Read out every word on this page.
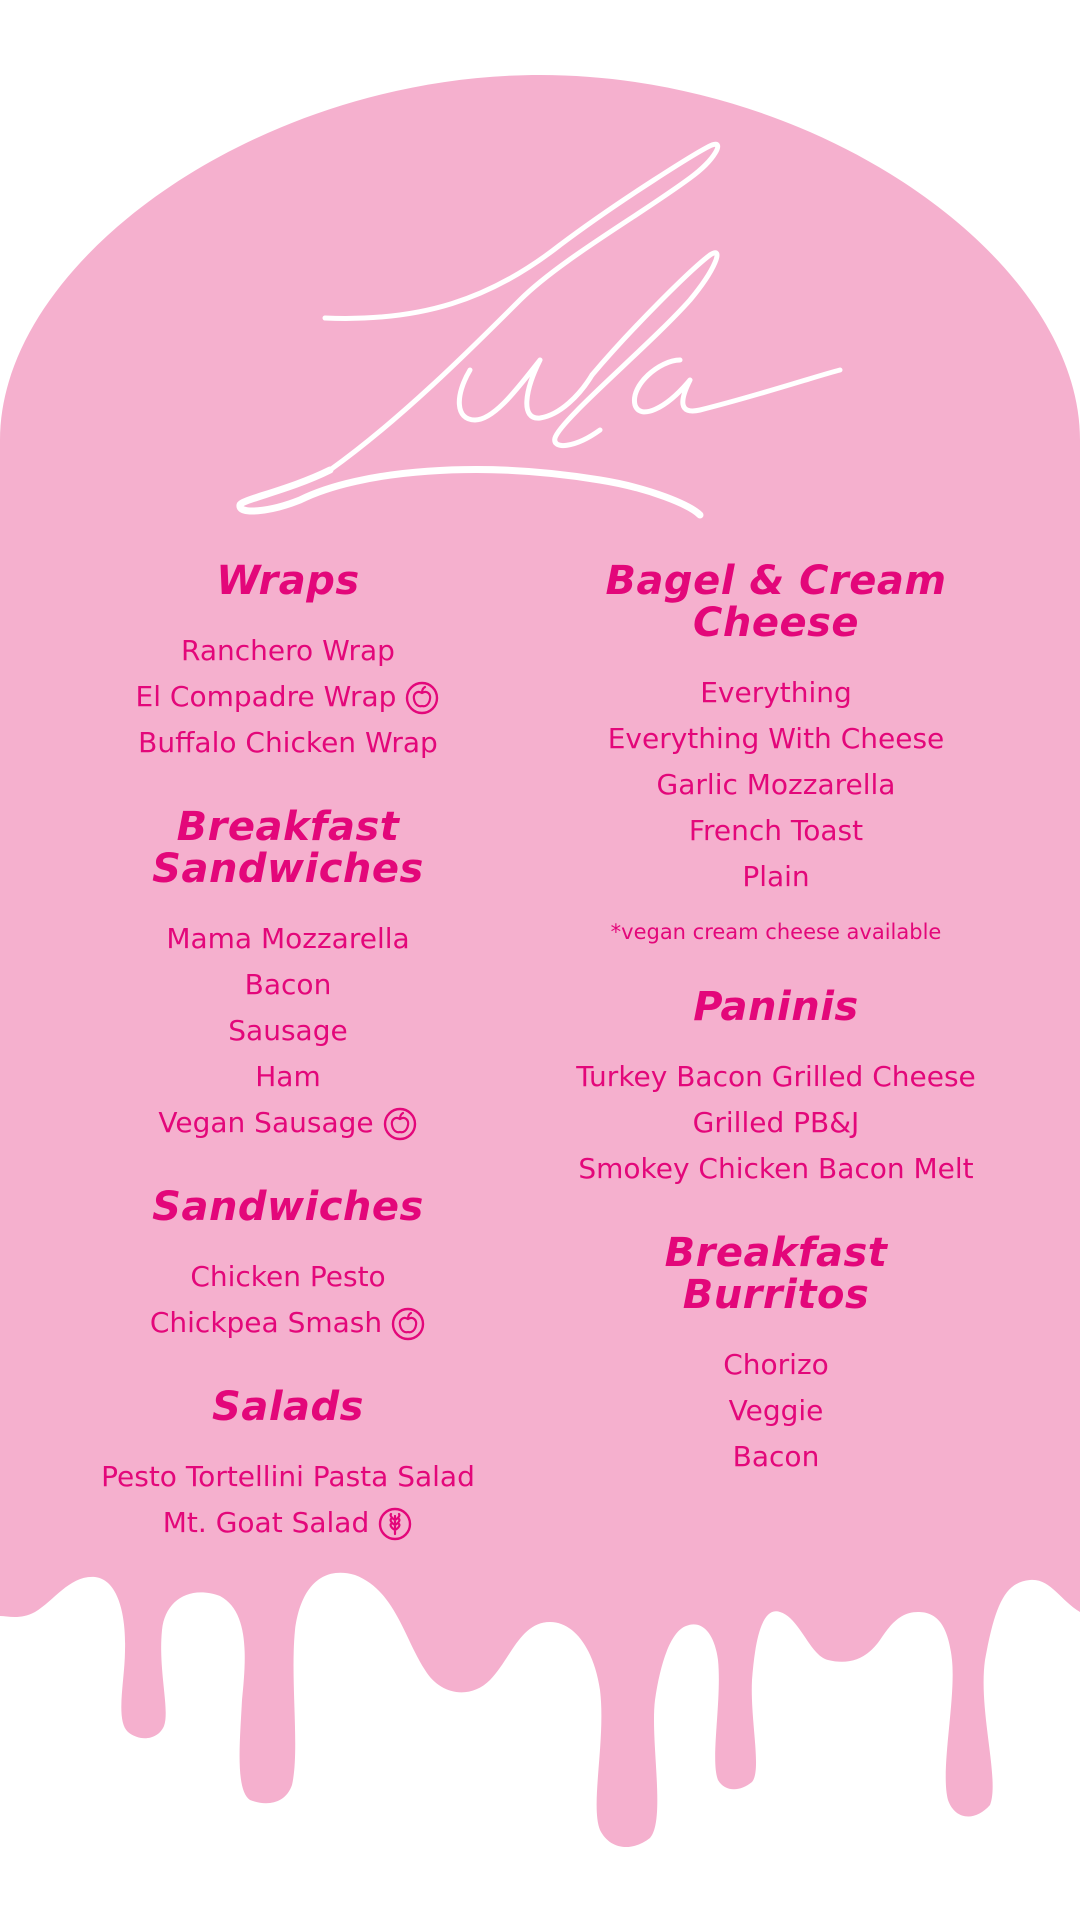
Lula
Wraps
Ranchero Wrap
El Compadre Wrap
Buffalo Chicken Wrap
Breakfast
Sandwiches
Mama Mozzarella
Bacon
Sausage
Ham
Vegan Sausage
Sandwiches
Chicken Pesto
Chickpea Smash
Salads
Pesto Tortellini Pasta Salad
Mt. Goat Salad
Bagel & Cream
Cheese
Everything
Everything With Cheese
Garlic Mozzarella
French Toast
Plain
*vegan cream cheese available
Paninis
Turkey Bacon Grilled Cheese
Grilled PB&J
Smokey Chicken Bacon Melt
Breakfast
Burritos
Chorizo
Veggie
Bacon
